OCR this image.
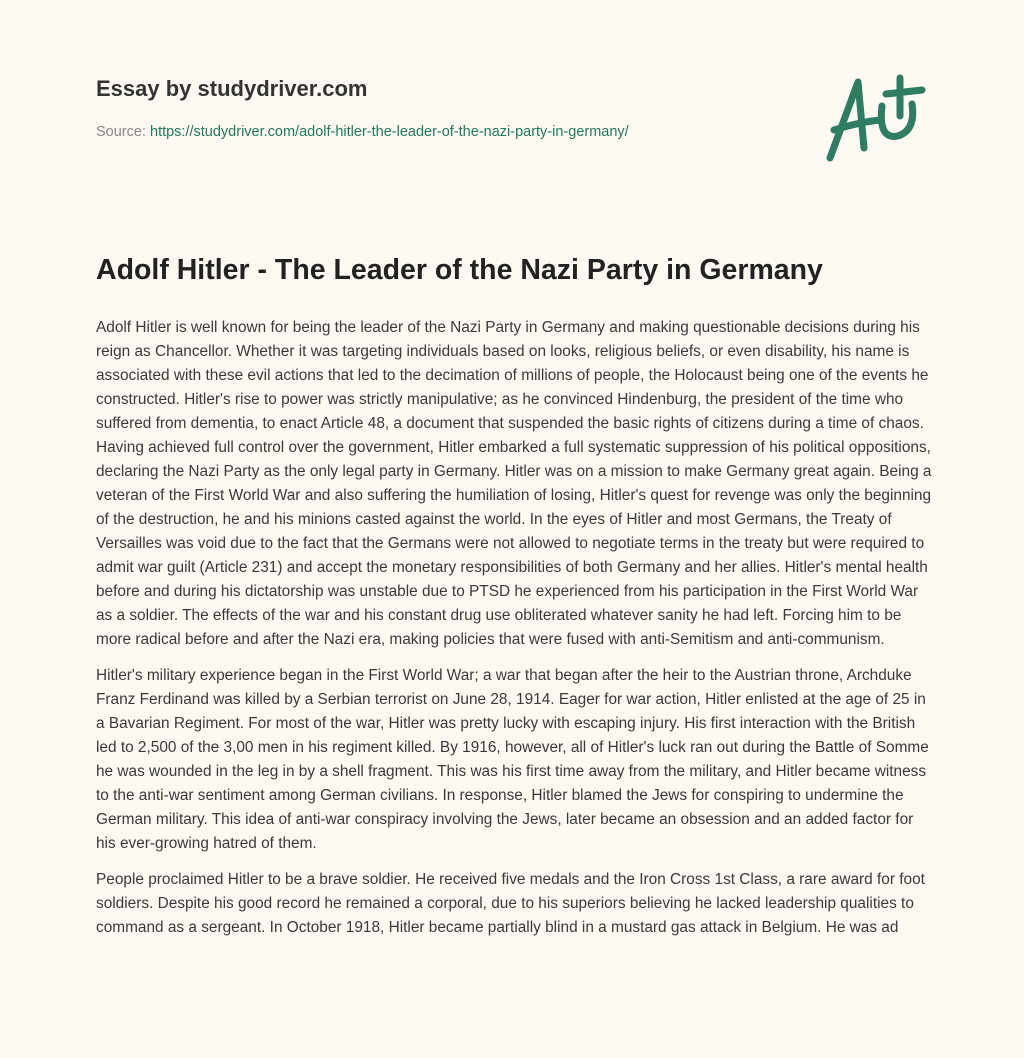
Essay by studydriver.com
Source: https://studydriver.com/adolf-hitler-the-leader-of-the-nazi-party-in-germany/
Adolf Hitler - The Leader of the Nazi Party in Germany

Adolf Hitler is well known for being the leader of the Nazi Party in Germany and making questionable decisions during his reign as Chancellor. Whether it was targeting individuals based on looks, religious beliefs, or even disability, his name is associated with these evil actions that led to the decimation of millions of people, the Holocaust being one of the events he constructed. Hitler's rise to power was strictly manipulative; as he convinced Hindenburg, the president of the time who suffered from dementia, to enact Article 48, a document that suspended the basic rights of citizens during a time of chaos. Having achieved full control over the government, Hitler embarked a full systematic suppression of his political oppositions, declaring the Nazi Party as the only legal party in Germany. Hitler was on a mission to make Germany great again. Being a veteran of the First World War and also suffering the humiliation of losing, Hitler's quest for revenge was only the beginning of the destruction, he and his minions casted against the world. In the eyes of Hitler and most Germans, the Treaty of Versailles was void due to the fact that the Germans were not allowed to negotiate terms in the treaty but were required to admit war guilt (Article 231) and accept the monetary responsibilities of both Germany and her allies. Hitler's mental health before and during his dictatorship was unstable due to PTSD he experienced from his participation in the First World War as a soldier. The effects of the war and his constant drug use obliterated whatever sanity he had left. Forcing him to be more radical before and after the Nazi era, making policies that were fused with anti-Semitism and anti-communism.

Hitler's military experience began in the First World War; a war that began after the heir to the Austrian throne, Archduke Franz Ferdinand was killed by a Serbian terrorist on June 28, 1914. Eager for war action, Hitler enlisted at the age of 25 in a Bavarian Regiment. For most of the war, Hitler was pretty lucky with escaping injury. His first interaction with the British led to 2,500 of the 3,00 men in his regiment killed. By 1916, however, all of Hitler's luck ran out during the Battle of Somme he was wounded in the leg in by a shell fragment. This was his first time away from the military, and Hitler became witness to the anti-war sentiment among German civilians. In response, Hitler blamed the Jews for conspiring to undermine the German military. This idea of anti-war conspiracy involving the Jews, later became an obsession and an added factor for his ever-growing hatred of them.

People proclaimed Hitler to be a brave soldier. He received five medals and the Iron Cross 1st Class, a rare award for foot soldiers. Despite his good record he remained a corporal, due to his superiors believing he lacked leadership qualities to command as a sergeant. In October 1918, Hitler became partially blind in a mustard gas attack in Belgium. He was ad
